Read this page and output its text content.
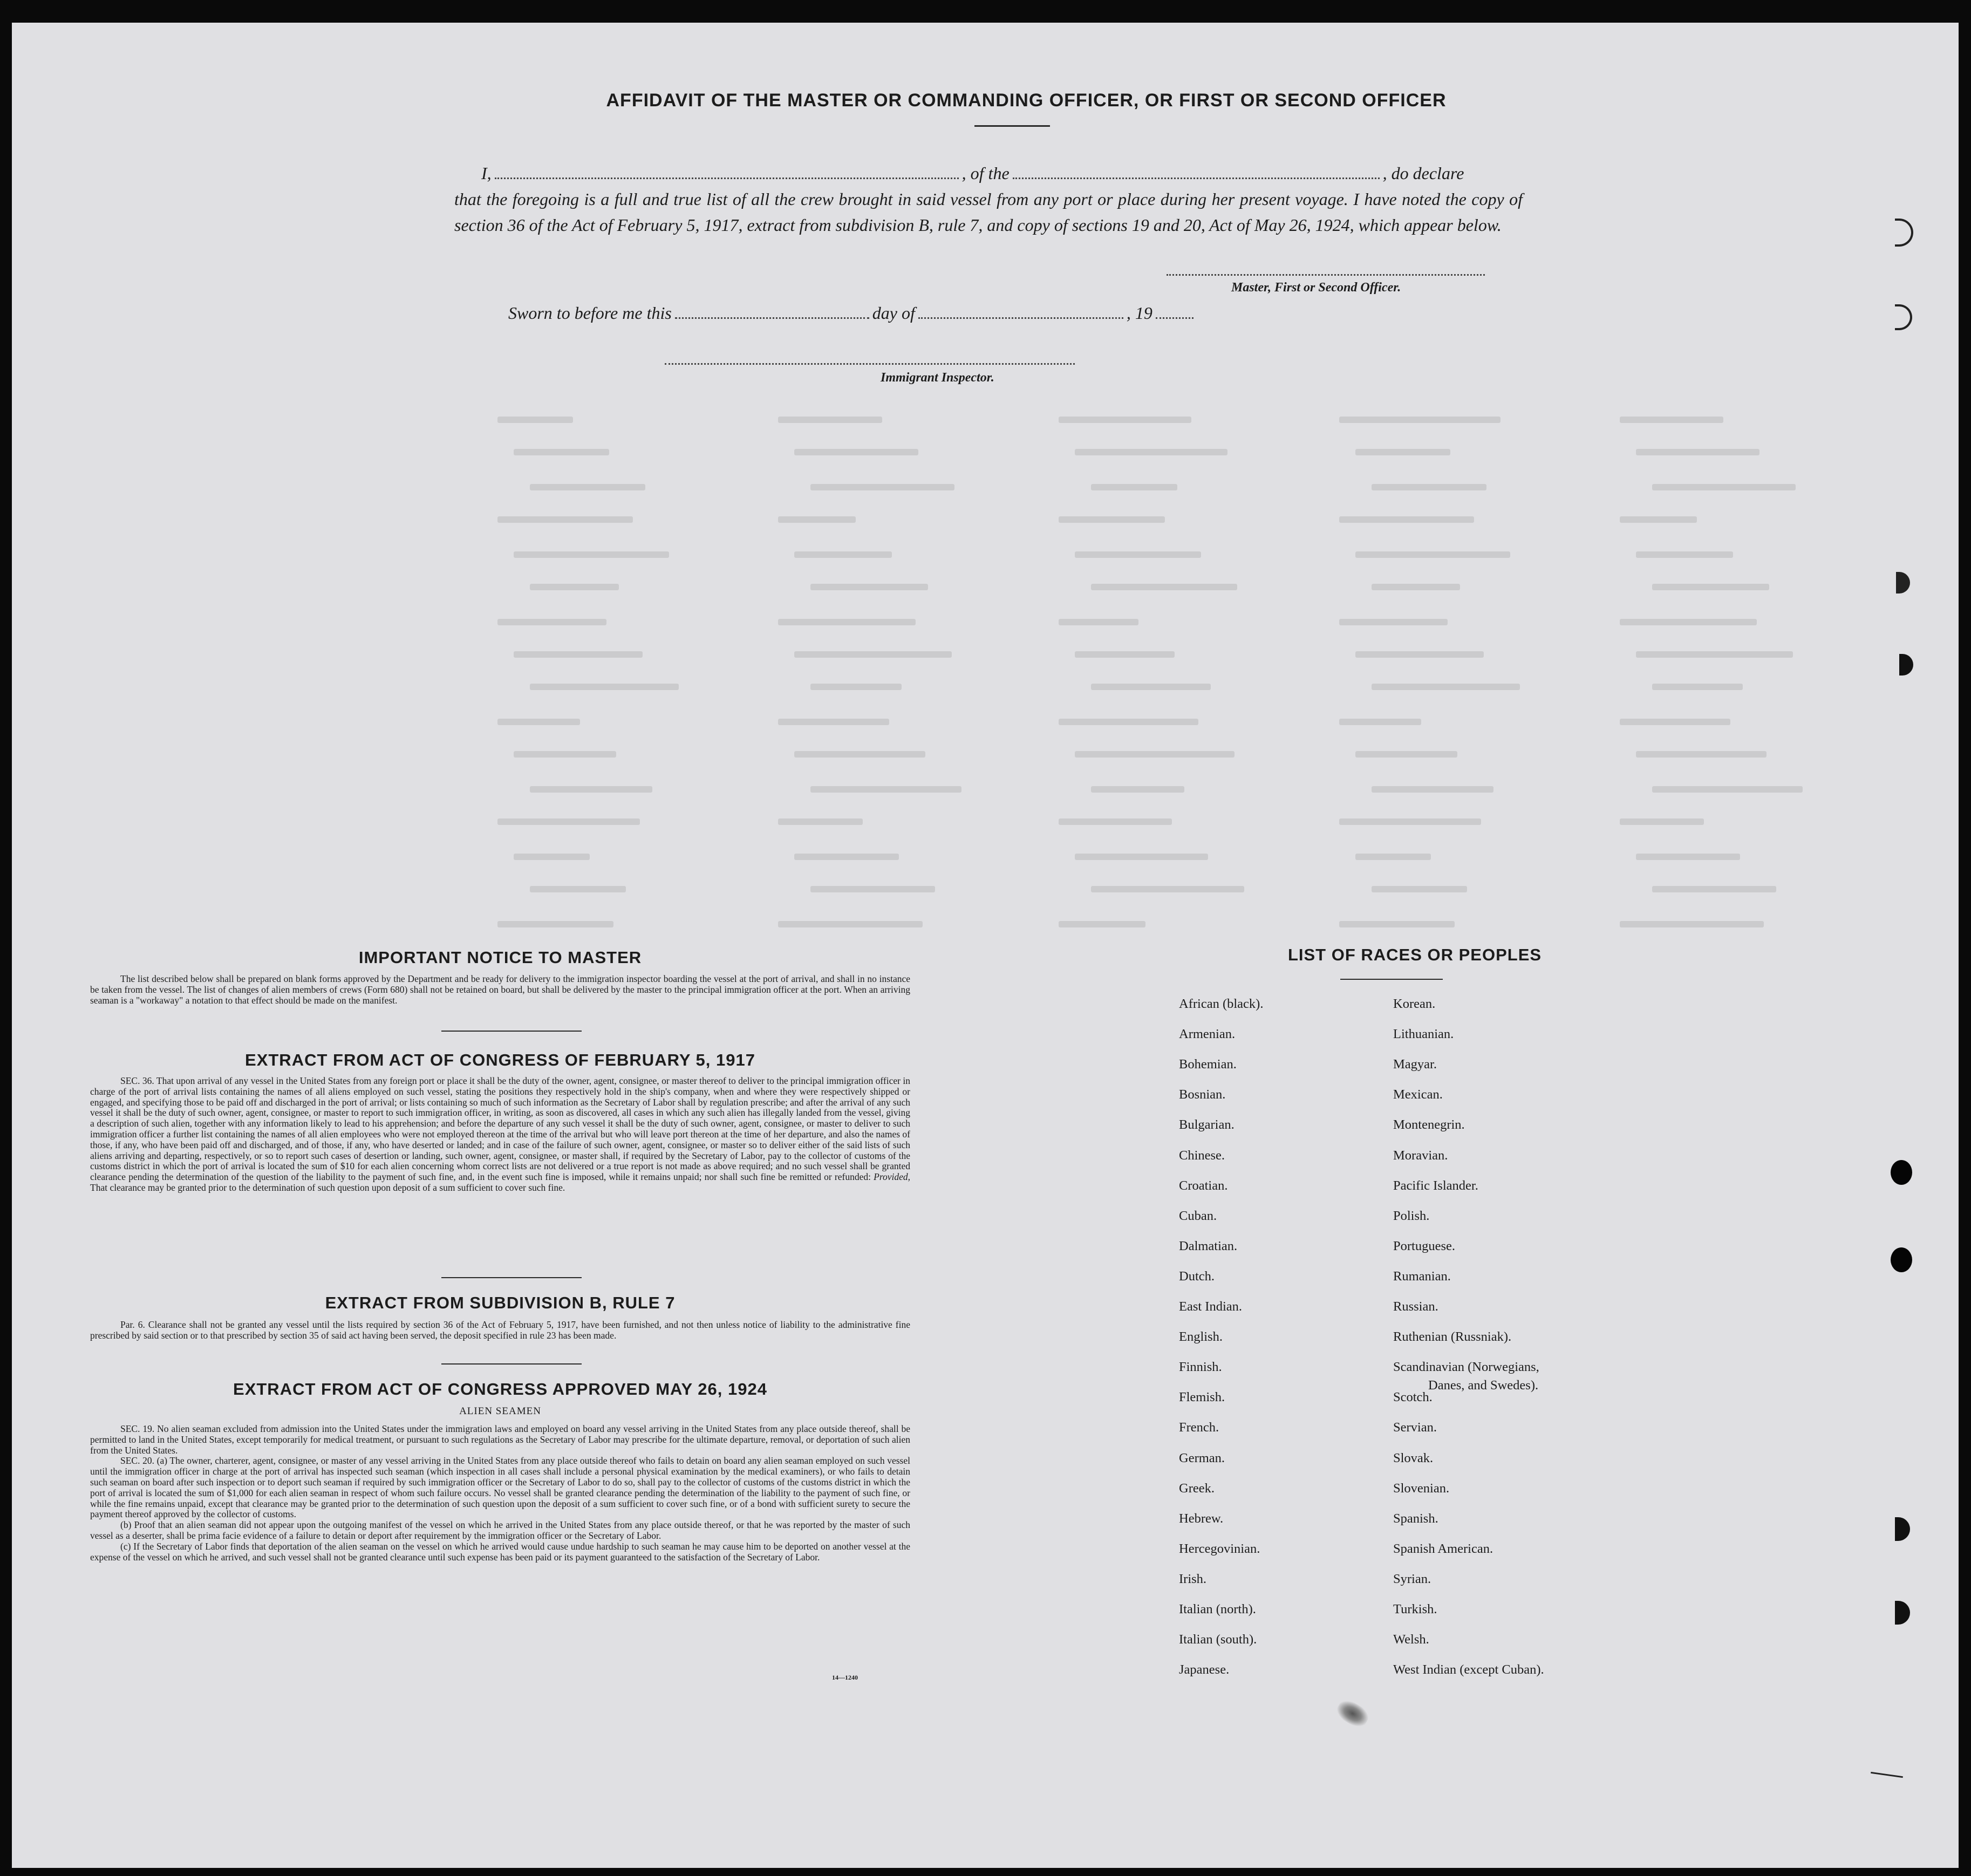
AFFIDAVIT OF THE MASTER OR COMMANDING OFFICER, OR FIRST OR SECOND OFFICER
I,	, of the	, do declare
that the foregoing is a full and true list of all the crew brought in said vessel from any port or place during her present voyage. I have noted the copy of section 36 of the Act of February 5, 1917, extract from subdivision B, rule 7, and copy of sections 19 and 20, Act of May 26, 1924, which appear below.
Master, First or Second Officer.
Sworn to before me this	day of	, 19
Immigrant Inspector.
IMPORTANT NOTICE TO MASTER

The list described below shall be prepared on blank forms approved by the Department and be ready for delivery to the immigration inspector boarding the vessel at the port of arrival, and shall in no instance be taken from the vessel. The list of changes of alien members of crews (Form 680) shall not be retained on board, but shall be delivered by the master to the principal immigration officer at the port. When an arriving seaman is a "workaway" a notation to that effect should be made on the manifest.

EXTRACT FROM ACT OF CONGRESS OF FEBRUARY 5, 1917

SEC. 36. That upon arrival of any vessel in the United States from any foreign port or place it shall be the duty of the owner, agent, consignee, or master thereof to deliver to the principal immigration officer in charge of the port of arrival lists containing the names of all aliens employed on such vessel, stating the positions they respectively hold in the ship's company, when and where they were respectively shipped or engaged, and specifying those to be paid off and discharged in the port of arrival; or lists containing so much of such information as the Secretary of Labor shall by regulation prescribe; and after the arrival of any such vessel it shall be the duty of such owner, agent, consignee, or master to report to such immigration officer, in writing, as soon as discovered, all cases in which any such alien has illegally landed from the vessel, giving a description of such alien, together with any information likely to lead to his apprehension; and before the departure of any such vessel it shall be the duty of such owner, agent, consignee, or master to deliver to such immigration officer a further list containing the names of all alien employees who were not employed thereon at the time of the arrival but who will leave port thereon at the time of her departure, and also the names of those, if any, who have been paid off and discharged, and of those, if any, who have deserted or landed; and in case of the failure of such owner, agent, consignee, or master so to deliver either of the said lists of such aliens arriving and departing, respectively, or so to report such cases of desertion or landing, such owner, agent, consignee, or master shall, if required by the Secretary of Labor, pay to the collector of customs of the customs district in which the port of arrival is located the sum of $10 for each alien concerning whom correct lists are not delivered or a true report is not made as above required; and no such vessel shall be granted clearance pending the determination of the question of the liability to the payment of such fine, and, in the event such fine is imposed, while it remains unpaid; nor shall such fine be remitted or refunded: Provided, That clearance may be granted prior to the determination of such question upon deposit of a sum sufficient to cover such fine.

EXTRACT FROM SUBDIVISION B, RULE 7

Par. 6. Clearance shall not be granted any vessel until the lists required by section 36 of the Act of February 5, 1917, have been furnished, and not then unless notice of liability to the administrative fine prescribed by said section or to that prescribed by section 35 of said act having been served, the deposit specified in rule 23 has been made.

EXTRACT FROM ACT OF CONGRESS APPROVED MAY 26, 1924
ALIEN SEAMEN

SEC. 19. No alien seaman excluded from admission into the United States under the immigration laws and employed on board any vessel arriving in the United States from any place outside thereof, shall be permitted to land in the United States, except temporarily for medical treatment, or pursuant to such regulations as the Secretary of Labor may prescribe for the ultimate departure, removal, or deportation of such alien from the United States.

SEC. 20. (a) The owner, charterer, agent, consignee, or master of any vessel arriving in the United States from any place outside thereof who fails to detain on board any alien seaman employed on such vessel until the immigration officer in charge at the port of arrival has inspected such seaman (which inspection in all cases shall include a personal physical examination by the medical examiners), or who fails to detain such seaman on board after such inspection or to deport such seaman if required by such immigration officer or the Secretary of Labor to do so, shall pay to the collector of customs of the customs district in which the port of arrival is located the sum of $1,000 for each alien seaman in respect of whom such failure occurs. No vessel shall be granted clearance pending the determination of the liability to the payment of such fine, or while the fine remains unpaid, except that clearance may be granted prior to the determination of such question upon the deposit of a sum sufficient to cover such fine, or of a bond with sufficient surety to secure the payment thereof approved by the collector of customs.

(b) Proof that an alien seaman did not appear upon the outgoing manifest of the vessel on which he arrived in the United States from any place outside thereof, or that he was reported by the master of such vessel as a deserter, shall be prima facie evidence of a failure to detain or deport after requirement by the immigration officer or the Secretary of Labor.

(c) If the Secretary of Labor finds that deportation of the alien seaman on the vessel on which he arrived would cause undue hardship to such seaman he may cause him to be deported on another vessel at the expense of the vessel on which he arrived, and such vessel shall not be granted clearance until such expense has been paid or its payment guaranteed to the satisfaction of the Secretary of Labor.

14—1240
LIST OF RACES OR PEOPLES
Danes, and Swedes).
African (black).
Armenian.
Bohemian.
Bosnian.
Bulgarian.
Chinese.
Croatian.
Cuban.
Dalmatian.
Dutch.
East Indian.
English.
Finnish.
Flemish.
French.
German.
Greek.
Hebrew.
Hercegovinian.
Irish.
Italian (north).
Italian (south).
Japanese.
Korean.
Lithuanian.
Magyar.
Mexican.
Montenegrin.
Moravian.
Pacific Islander.
Polish.
Portuguese.
Rumanian.
Russian.
Ruthenian (Russniak).
Scandinavian (Norwegians,
Scotch.
Servian.
Slovak.
Slovenian.
Spanish.
Spanish American.
Syrian.
Turkish.
Welsh.
West Indian (except Cuban).
